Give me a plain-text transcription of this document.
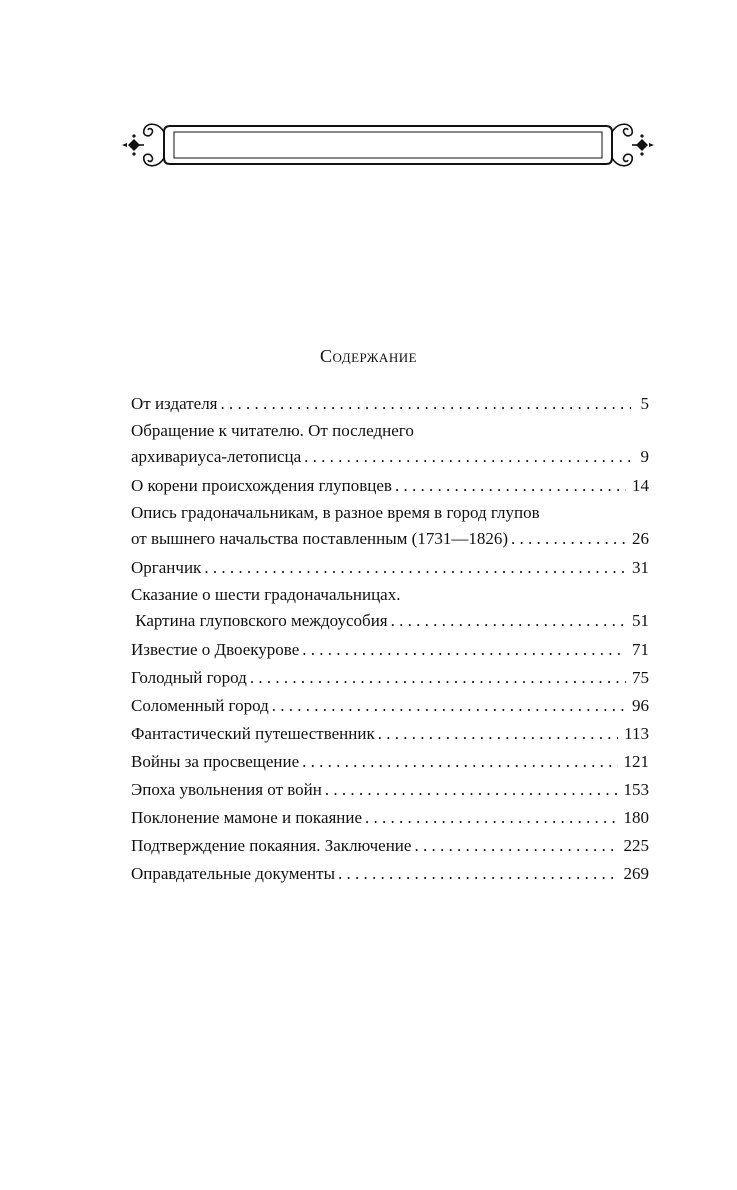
Содержание
От издателя . . .	5
Обращение к читателю. От последнего
архивариуса-летописца . . .	9
О корени происхождения глуповцев . . .	14
Опись градоначальникам, в разное время в город глупов
от вышнего начальства поставленным (1731—1826) . . .	26
Органчик . . .	31
Сказание о шести градоначальницах.
Картина глуповского междоусобия . . .	51
Известие о Двоекурове . . .	71
Голодный город . . .	75
Соломенный город . . .	96
Фантастический путешественник . . .	113
Войны за просвещение . . .	121
Эпоха увольнения от войн . . .	153
Поклонение мамоне и покаяние . . .	180
Подтверждение покаяния. Заключение . . .	225
Оправдательные документы . . .	269
